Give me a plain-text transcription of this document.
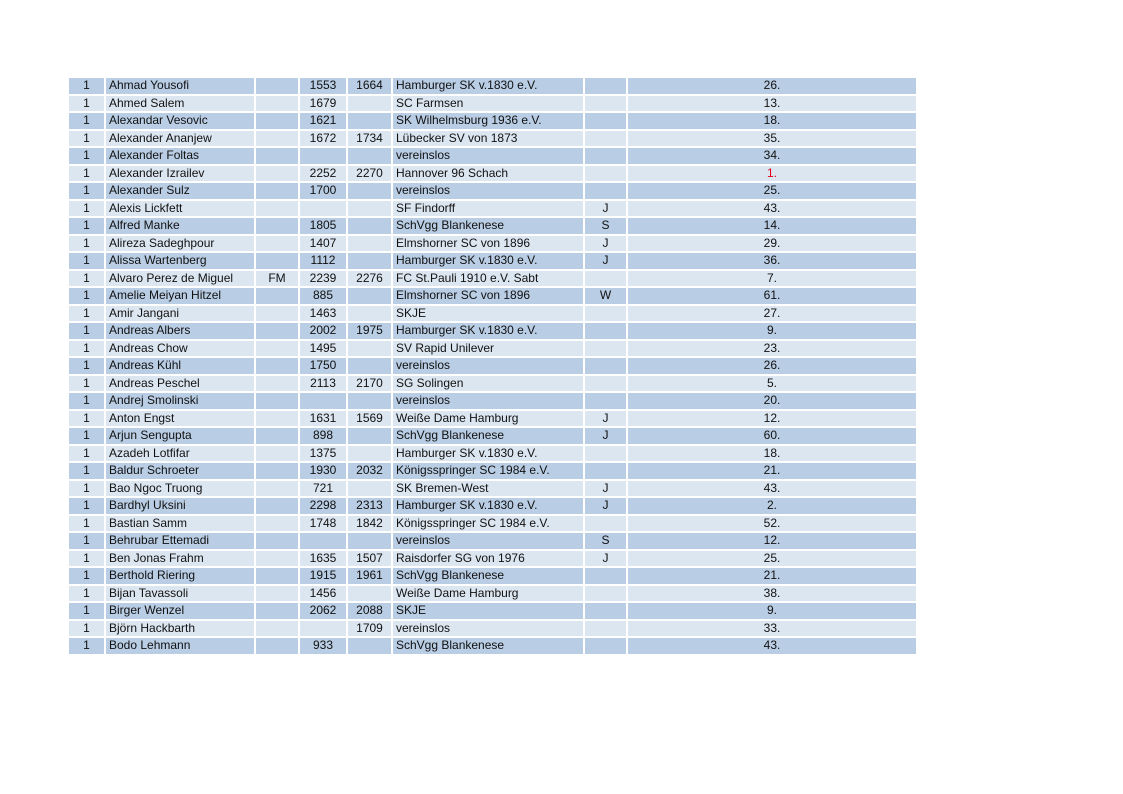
1	Ahmad Yousofi		1553	1664	Hamburger SK v.1830 e.V.		26.
1	Ahmed Salem		1679		SC Farmsen		13.
1	Alexandar Vesovic		1621		SK Wilhelmsburg 1936 e.V.		18.
1	Alexander Ananjew		1672	1734	Lübecker SV von 1873		35.
1	Alexander Foltas				vereinslos		34.
1	Alexander Izrailev		2252	2270	Hannover 96 Schach		1.
1	Alexander Sulz		1700		vereinslos		25.
1	Alexis Lickfett				SF Findorff	J	43.
1	Alfred Manke		1805		SchVgg Blankenese	S	14.
1	Alireza Sadeghpour		1407		Elmshorner SC von 1896	J	29.
1	Alissa Wartenberg		1112		Hamburger SK v.1830 e.V.	J	36.
1	Alvaro Perez de Miguel	FM	2239	2276	FC St.Pauli 1910 e.V. Sabt		7.
1	Amelie Meiyan Hitzel		885		Elmshorner SC von 1896	W	61.
1	Amir Jangani		1463		SKJE		27.
1	Andreas Albers		2002	1975	Hamburger SK v.1830 e.V.		9.
1	Andreas Chow		1495		SV Rapid Unilever		23.
1	Andreas Kühl		1750		vereinslos		26.
1	Andreas Peschel		2113	2170	SG Solingen		5.
1	Andrej Smolinski				vereinslos		20.
1	Anton Engst		1631	1569	Weiße Dame Hamburg	J	12.
1	Arjun Sengupta		898		SchVgg Blankenese	J	60.
1	Azadeh Lotfifar		1375		Hamburger SK v.1830 e.V.		18.
1	Baldur Schroeter		1930	2032	Königsspringer SC 1984 e.V.		21.
1	Bao Ngoc Truong		721		SK Bremen-West	J	43.
1	Bardhyl Uksini		2298	2313	Hamburger SK v.1830 e.V.	J	2.
1	Bastian Samm		1748	1842	Königsspringer SC 1984 e.V.		52.
1	Behrubar Ettemadi				vereinslos	S	12.
1	Ben Jonas Frahm		1635	1507	Raisdorfer SG von 1976	J	25.
1	Berthold Riering		1915	1961	SchVgg Blankenese		21.
1	Bijan Tavassoli		1456		Weiße Dame Hamburg		38.
1	Birger Wenzel		2062	2088	SKJE		9.
1	Björn Hackbarth			1709	vereinslos		33.
1	Bodo Lehmann		933		SchVgg Blankenese		43.
